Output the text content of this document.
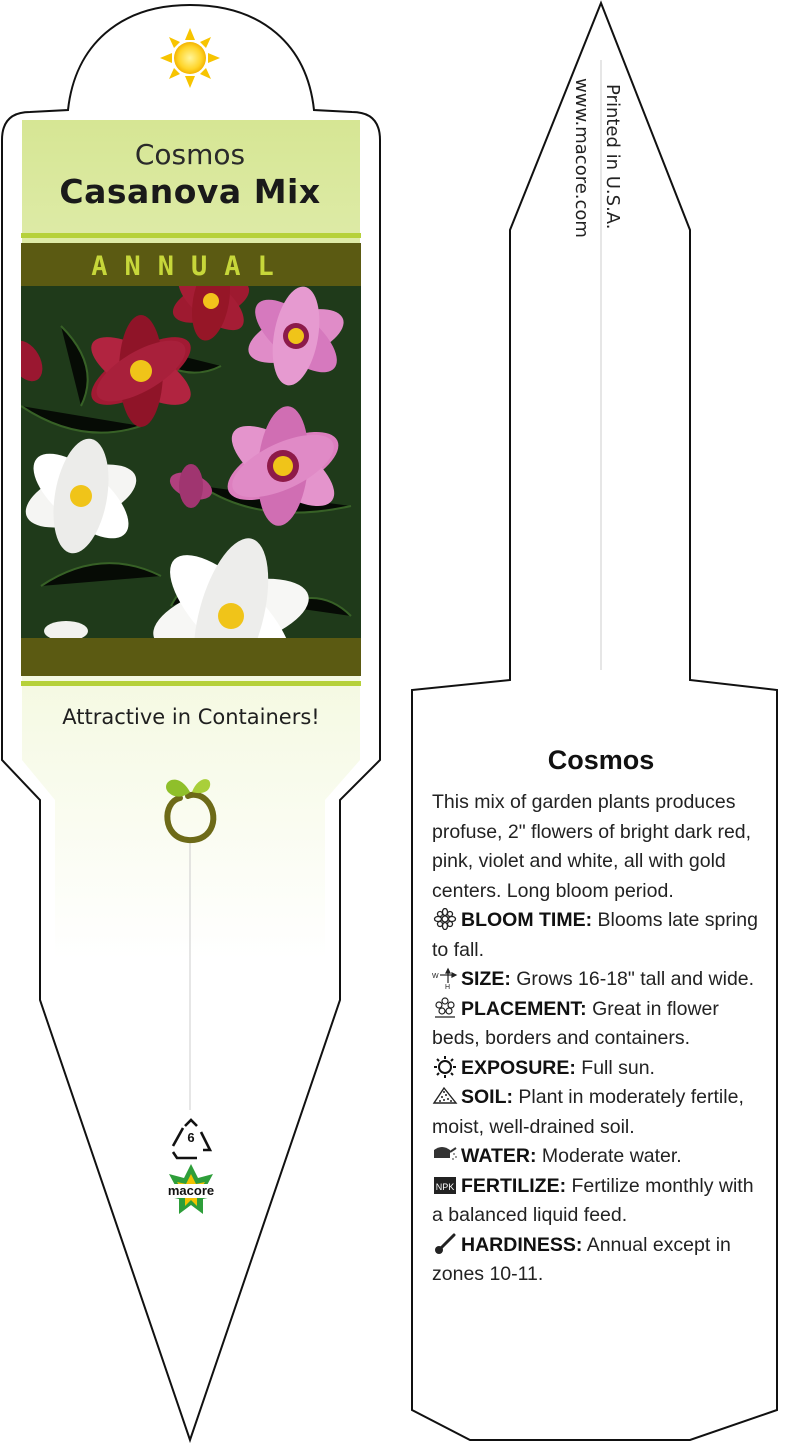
Cosmos
Casanova Mix
ANNUAL
Attractive in Containers!
6
macore
Printed in U.S.A.
www.macore.com
Cosmos
This mix of garden plants produces profuse, 2" flowers of bright dark red, pink, violet and white, all with gold centers. Long bloom period.
BLOOM TIME: Blooms late spring to fall.
W
H SIZE: Grows 16-18" tall and wide.
PLACEMENT: Great in flower beds, borders and containers.
EXPOSURE: Full sun.
SOIL: Plant in moderately fertile, moist, well-drained soil.
WATER: Moderate water.
NPK FERTILIZE: Fertilize monthly with a balanced liquid feed.
HARDINESS: Annual except in zones 10-11.
